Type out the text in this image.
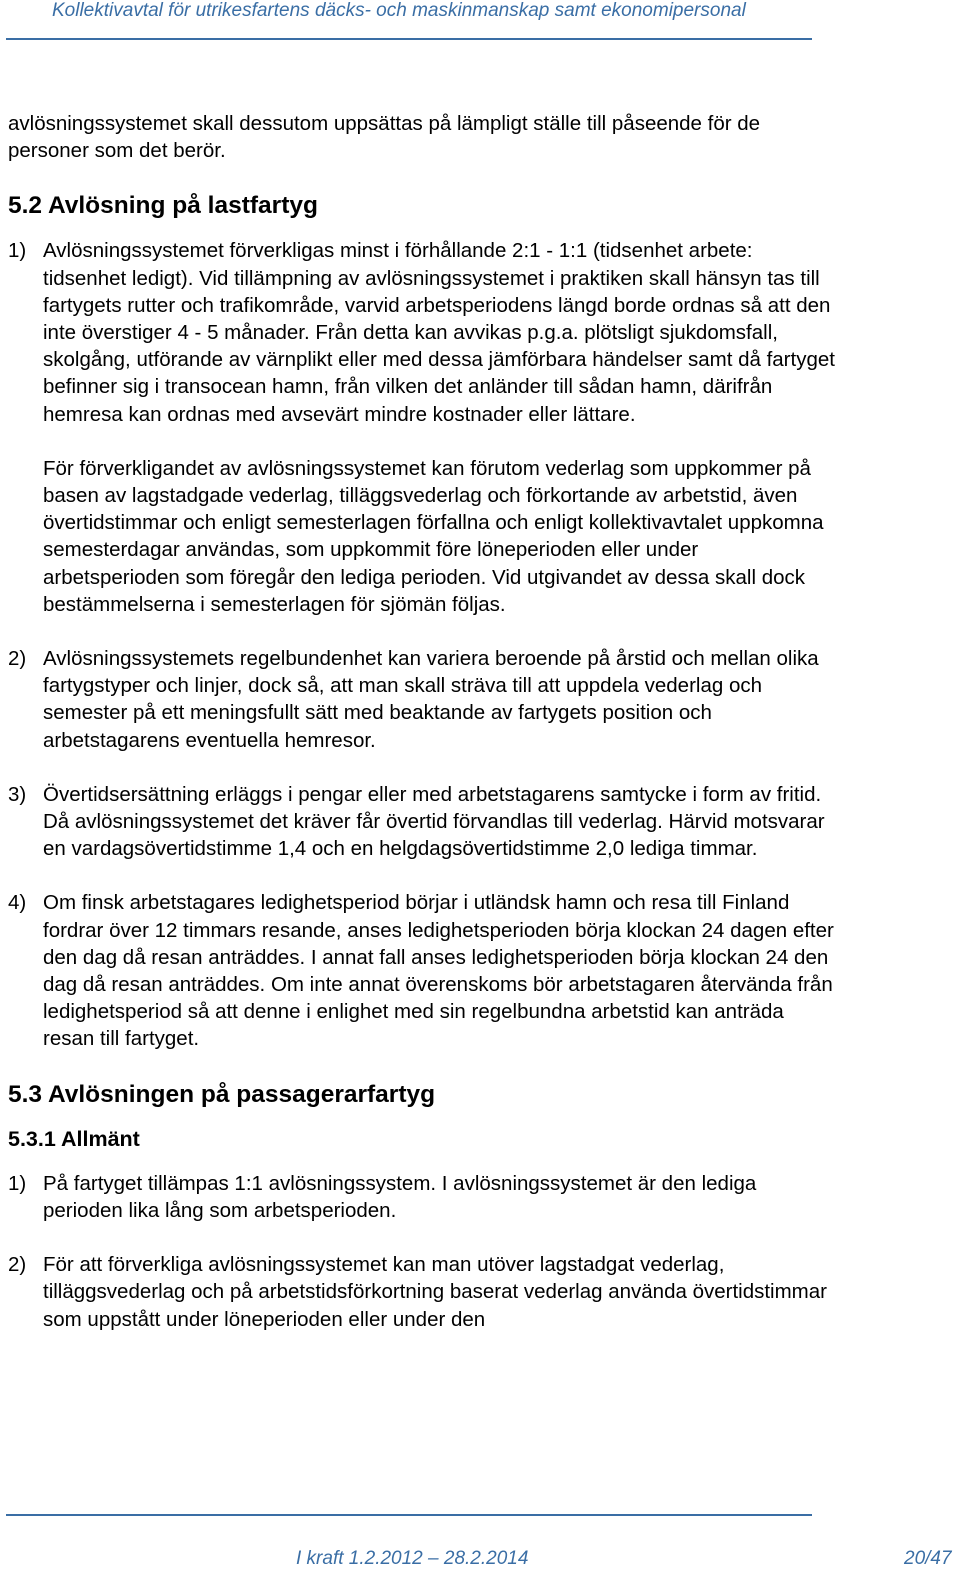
Kollektivavtal för utrikesfartens däcks- och maskinmanskap samt ekonomipersonal

avlösningssystemet skall dessutom uppsättas på lämpligt ställe till påseende för de personer som det berör.

5.2 Avlösning på lastfartyg
1) Avlösningssystemet förverkligas minst i förhållande 2:1 - 1:1 (tidsenhet arbete: tidsenhet ledigt). Vid tillämpning av avlösningssystemet i praktiken skall hänsyn tas till fartygets rutter och trafikområde, varvid arbetsperiodens längd borde ordnas så att den inte överstiger 4 - 5 månader. Från detta kan avvikas p.g.a. plötsligt sjukdomsfall, skolgång, utförande av värnplikt eller med dessa jämförbara händelser samt då fartyget befinner sig i transocean hamn, från vilken det anländer till sådan hamn, därifrån hemresa kan ordnas med avsevärt mindre kostnader eller lättare.

För förverkligandet av avlösningssystemet kan förutom vederlag som uppkommer på basen av lagstadgade vederlag, tilläggsvederlag och förkortande av arbetstid, även övertidstimmar och enligt semesterlagen förfallna och enligt kollektivavtalet uppkomna semesterdagar användas, som uppkommit före löneperioden eller under arbetsperioden som föregår den lediga perioden. Vid utgivandet av dessa skall dock bestämmelserna i semesterlagen för sjömän följas.

2) Avlösningssystemets regelbundenhet kan variera beroende på årstid och mellan olika fartygstyper och linjer, dock så, att man skall sträva till att uppdela vederlag och semester på ett meningsfullt sätt med beaktande av fartygets position och arbetstagarens eventuella hemresor.

3) Övertidsersättning erläggs i pengar eller med arbetstagarens samtycke i form av fritid. Då avlösningssystemet det kräver får övertid förvandlas till vederlag. Härvid motsvarar en vardagsövertidstimme 1,4 och en helgdagsövertidstimme 2,0 lediga timmar.

4) Om finsk arbetstagares ledighetsperiod börjar i utländsk hamn och resa till Finland fordrar över 12 timmars resande, anses ledighetsperioden börja klockan 24 dagen efter den dag då resan anträddes. I annat fall anses ledighetsperioden börja klockan 24 den dag då resan anträddes. Om inte annat överenskoms bör arbetstagaren återvända från ledighetsperiod så att denne i enlighet med sin regelbundna arbetstid kan anträda resan till fartyget.

5.3 Avlösningen på passagerarfartyg
5.3.1 Allmänt
1) På fartyget tillämpas 1:1 avlösningssystem. I avlösningssystemet är den lediga perioden lika lång som arbetsperioden.

2) För att förverkliga avlösningssystemet kan man utöver lagstadgat vederlag, tilläggsvederlag och på arbetstidsförkortning baserat vederlag använda övertidstimmar som uppstått under löneperioden eller under den

I kraft 1.2.2012 – 28.2.2014	20/47
